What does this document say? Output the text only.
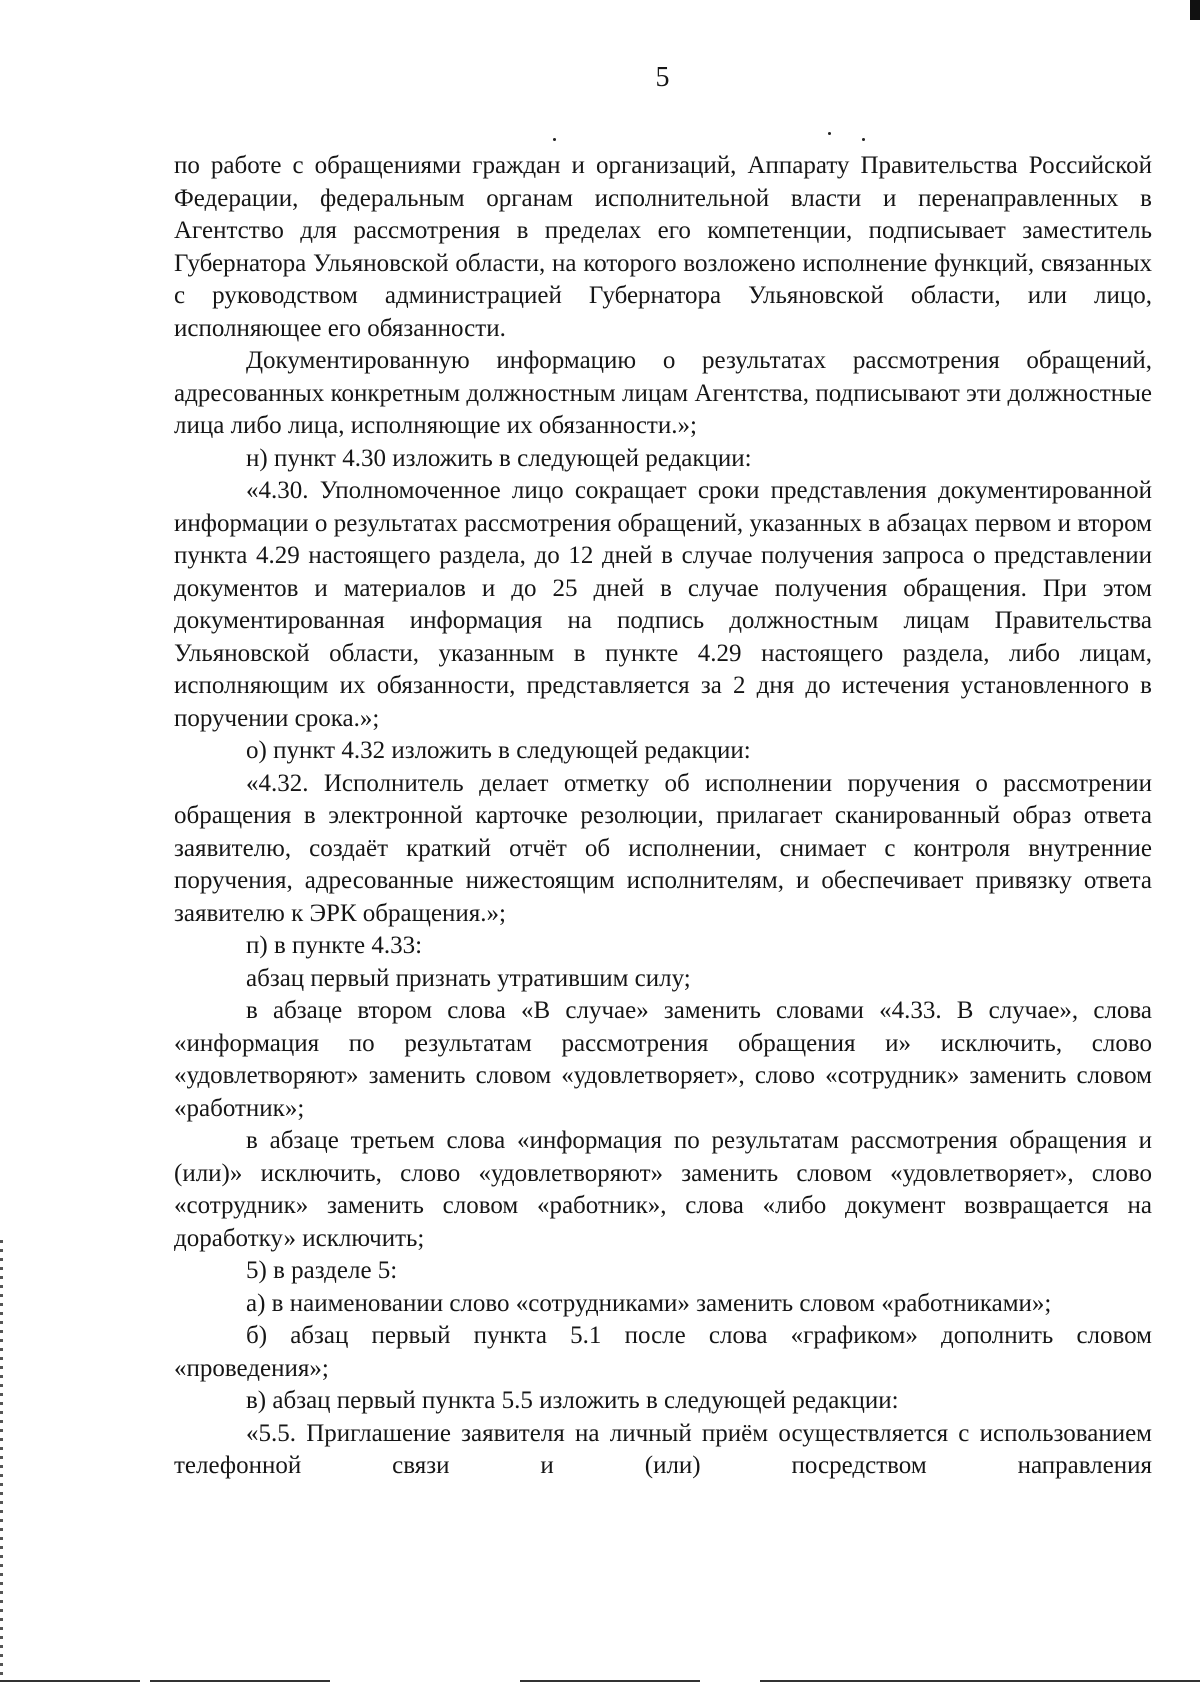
5

по работе с обращениями граждан и организаций, Аппарату Правительства Российской Федерации, федеральным органам исполнительной власти и перенаправленных в Агентство для рассмотрения в пределах его компетенции, подписывает заместитель Губернатора Ульяновской области, на которого возложено исполнение функций, связанных с руководством администрацией Губернатора Ульяновской области, или лицо, исполняющее его обязанности.

Документированную информацию о результатах рассмотрения обращений, адресованных конкретным должностным лицам Агентства, подписывают эти должностные лица либо лица, исполняющие их обязанности.»;

н) пункт 4.30 изложить в следующей редакции:

«4.30. Уполномоченное лицо сокращает сроки представления документированной информации о результатах рассмотрения обращений, указанных в абзацах первом и втором пункта 4.29 настоящего раздела, до 12 дней в случае получения запроса о представлении документов и материалов и до 25 дней в случае получения обращения. При этом документированная информация на подпись должностным лицам Правительства Ульяновской области, указанным в пункте 4.29 настоящего раздела, либо лицам, исполняющим их обязанности, представляется за 2 дня до истечения установленного в поручении срока.»;

о) пункт 4.32 изложить в следующей редакции:

«4.32. Исполнитель делает отметку об исполнении поручения о рассмотрении обращения в электронной карточке резолюции, прилагает сканированный образ ответа заявителю, создаёт краткий отчёт об исполнении, снимает с контроля внутренние поручения, адресованные нижестоящим исполнителям, и обеспечивает привязку ответа заявителю к ЭРК обращения.»;

п) в пункте 4.33:

абзац первый признать утратившим силу;

в абзаце втором слова «В случае» заменить словами «4.33. В случае», слова «информация по результатам рассмотрения обращения и» исключить, слово «удовлетворяют» заменить словом «удовлетворяет», слово «сотрудник» заменить словом «работник»;

в абзаце третьем слова «информация по результатам рассмотрения обращения и (или)» исключить, слово «удовлетворяют» заменить словом «удовлетворяет», слово «сотрудник» заменить словом «работник», слова «либо документ возвращается на доработку» исключить;

5) в разделе 5:

а) в наименовании слово «сотрудниками» заменить словом «работниками»;

б) абзац первый пункта 5.1 после слова «графиком» дополнить словом «проведения»;

в) абзац первый пункта 5.5 изложить в следующей редакции:

«5.5. Приглашение заявителя на личный приём осуществляется с использованием телефонной связи и (или) посредством направления
